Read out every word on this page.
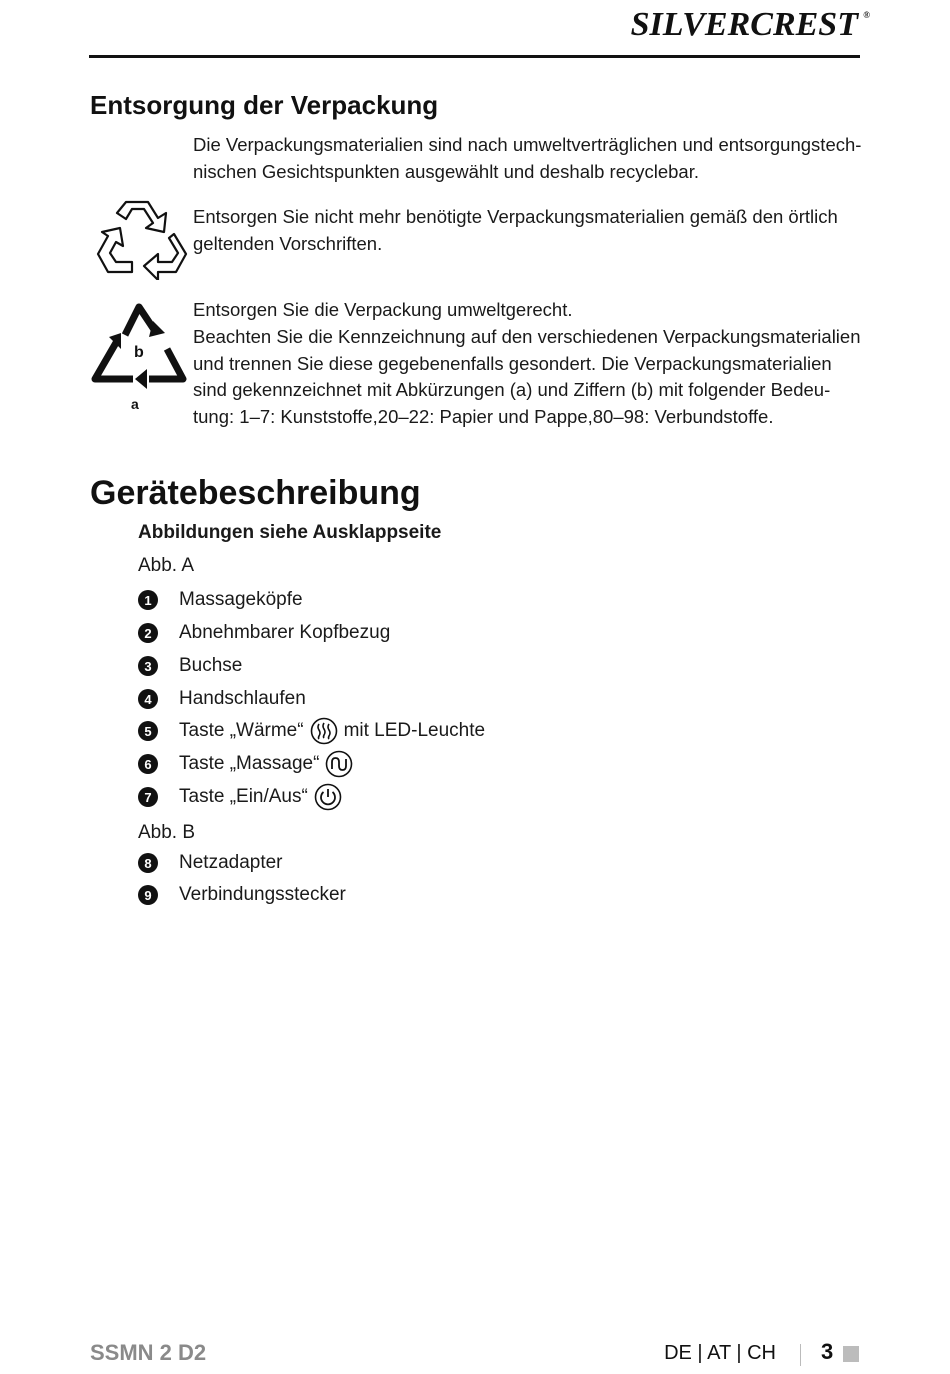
SILVERCREST ®
Entsorgung der Verpackung

Die Verpackungsmaterialien sind nach umweltverträglichen und entsorgungstech-
nischen Gesichtspunkten ausgewählt und deshalb recyclebar.

Entsorgen Sie nicht mehr benötigte Verpackungsmaterialien gemäß den örtlich
geltenden Vorschriften.

b
a

Entsorgen Sie die Verpackung umweltgerecht.
Beachten Sie die Kennzeichnung auf den verschiedenen Verpackungsmaterialien
und trennen Sie diese gegebenenfalls gesondert. Die Verpackungsmaterialien
sind gekennzeichnet mit Abkürzungen (a) und Ziffern (b) mit folgender Bedeu-
tung: 1–7: Kunststoffe,20–22: Papier und Pappe,80–98: Verbundstoffe.

Gerätebeschreibung

Abbildungen siehe Ausklappseite

Abb. A

1	Massageköpfe
2	Abnehmbarer Kopfbezug
3	Buchse
4	Handschlaufen
5	Taste „Wärme“ mit LED-Leuchte
6	Taste „Massage“
7	Taste „Ein/Aus“

Abb. B

8	Netzadapter
9	Verbindungsstecker
SSMN 2 D2	DE | AT | CH 3
